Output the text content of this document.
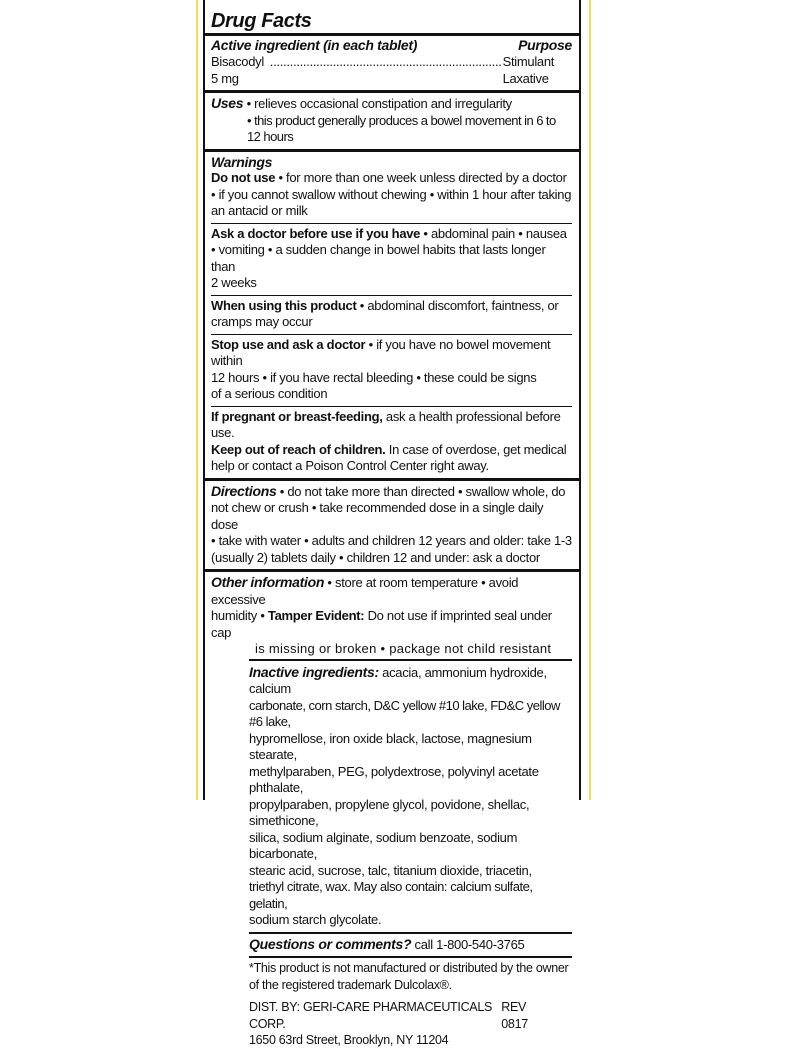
Drug Facts
Active ingredient (in each tablet)	Purpose
Bisacodyl 5 mg
...................................................................... Stimulant Laxative
Uses • relieves occasional constipation and irregularity
• this product generally produces a bowel movement in 6 to 12 hours
Warnings
Do not use • for more than one week unless directed by a doctor
• if you cannot swallow without chewing • within 1 hour after taking
an antacid or milk
Ask a doctor before use if you have • abdominal pain • nausea
• vomiting • a sudden change in bowel habits that lasts longer than
2 weeks
When using this product • abdominal discomfort, faintness, or
cramps may occur
Stop use and ask a doctor • if you have no bowel movement within
12 hours • if you have rectal bleeding • these could be signs
of a serious condition
If pregnant or breast-feeding, ask a health professional before use.
Keep out of reach of children. In case of overdose, get medical
help or contact a Poison Control Center right away.
Directions • do not take more than directed • swallow whole, do
not chew or crush • take recommended dose in a single daily dose
• take with water • adults and children 12 years and older: take 1-3
(usually 2) tablets daily • children 12 and under: ask a doctor
Other information • store at room temperature • avoid excessive
humidity • Tamper Evident: Do not use if imprinted seal under cap
is missing or broken • package not child resistant
Inactive ingredients: acacia, ammonium hydroxide, calcium
carbonate, corn starch, D&C yellow #10 lake, FD&C yellow #6 lake,
hypromellose, iron oxide black, lactose, magnesium stearate,
methylparaben, PEG, polydextrose, polyvinyl acetate phthalate,
propylparaben, propylene glycol, povidone, shellac, simethicone,
silica, sodium alginate, sodium benzoate, sodium bicarbonate,
stearic acid, sucrose, talc, titanium dioxide, triacetin,
triethyl citrate, wax. May also contain: calcium sulfate, gelatin,
sodium starch glycolate.
Questions or comments? call 1-800-540-3765
*This product is not manufactured or distributed by the owner
of the registered trademark Dulcolax®.
DIST. BY: GERI-CARE PHARMACEUTICALS CORP.
REV 0817
1650 63rd Street, Brooklyn, NY 11204
